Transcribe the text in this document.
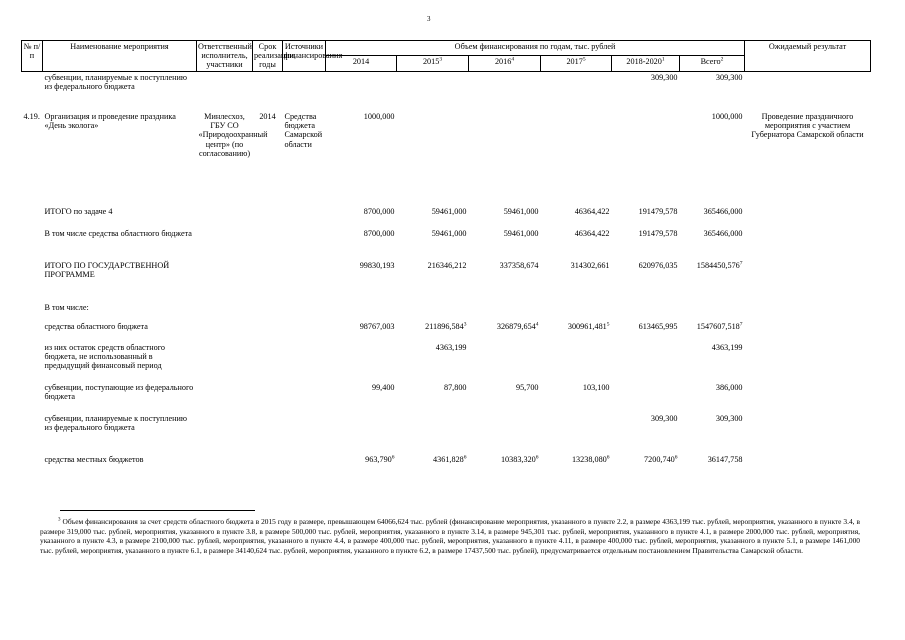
3
№ п/п	Наименование мероприятия	Ответственный исполнитель, участники	Срок реализации, годы	Источники финансирования	Объем финансирования по годам, тыс. рублей						Ожидаемый результат
					2014	2015$^3$	2016$^4$	2017$^5$	2018-2020$^1$	Всего$^2$
	субвенции, планируемые к поступлению из федерального бюджета								309,300	309,300	
4.19.	Организация и проведение праздника «День эколога»	Минлесхоз, ГБУ СО «Природоохранный центр» (по согласованию)	2014	Средства бюджета Самарской области	1000,000					1000,000	Проведение праздничного мероприятия с участием Губернатора Самарской области
	ИТОГО по задаче 4				8700,000	59461,000	59461,000	46364,422	191479,578	365466,000	
	В том числе средства областного бюджета				8700,000	59461,000	59461,000	46364,422	191479,578	365466,000	
	ИТОГО ПО ГОСУДАРСТВЕННОЙ ПРОГРАММЕ				99830,193	216346,212	337358,674	314302,661	620976,035	1584450,576$^7$	
	В том числе:										
	средства областного бюджета				98767,003	211896,584$^3$	326879,654$^4$	300961,481$^5$	613465,995	1547607,518$^7$	
	из них остаток средств областного бюджета, не использованный в предыдущий финансовый период					4363,199				4363,199	
	субвенции, поступающие из федерального бюджета				99,400	87,800	95,700	103,100		386,000	
	субвенции, планируемые к поступлению из федерального бюджета								309,300	309,300	
	средства местных бюджетов				963,790$^6$	4361,828$^6$	10383,320$^6$	13238,080$^6$	7200,740$^6$	36147,758	
$^3$ Объем финансирования за счет средств областного бюджета в 2015 году в размере, превышающем 64066,624 тыс. рублей (финансирование мероприятия, указанного в пункте 2.2, в размере 4363,199 тыс. рублей, мероприятия, указанного в пункте 3.4, в размере 319,000 тыс. рублей, мероприятия, указанного в пункте 3.8, в размере 500,000 тыс. рублей, мероприятия, указанного в пункте 3.14, в размере 945,301 тыс. рублей, мероприятия, указанного в пункте 4.1, в размере 2000,000 тыс. рублей, мероприятия, указанного в пункте 4.3, в размере 2100,000 тыс. рублей, мероприятия, указанного в пункте 4.4, в размере 400,000 тыс. рублей, мероприятия, указанного в пункте 4.11, в размере 400,000 тыс. рублей, мероприятия, указанного в пункте 5.1, в размере 1461,000 тыс. рублей, мероприятия, указанного в пункте 6.1, в размере 34140,624 тыс. рублей, мероприятия, указанного в пункте 6.2, в размере 17437,500 тыс. рублей), предусматривается отдельным постановлением Правительства Самарской области.
